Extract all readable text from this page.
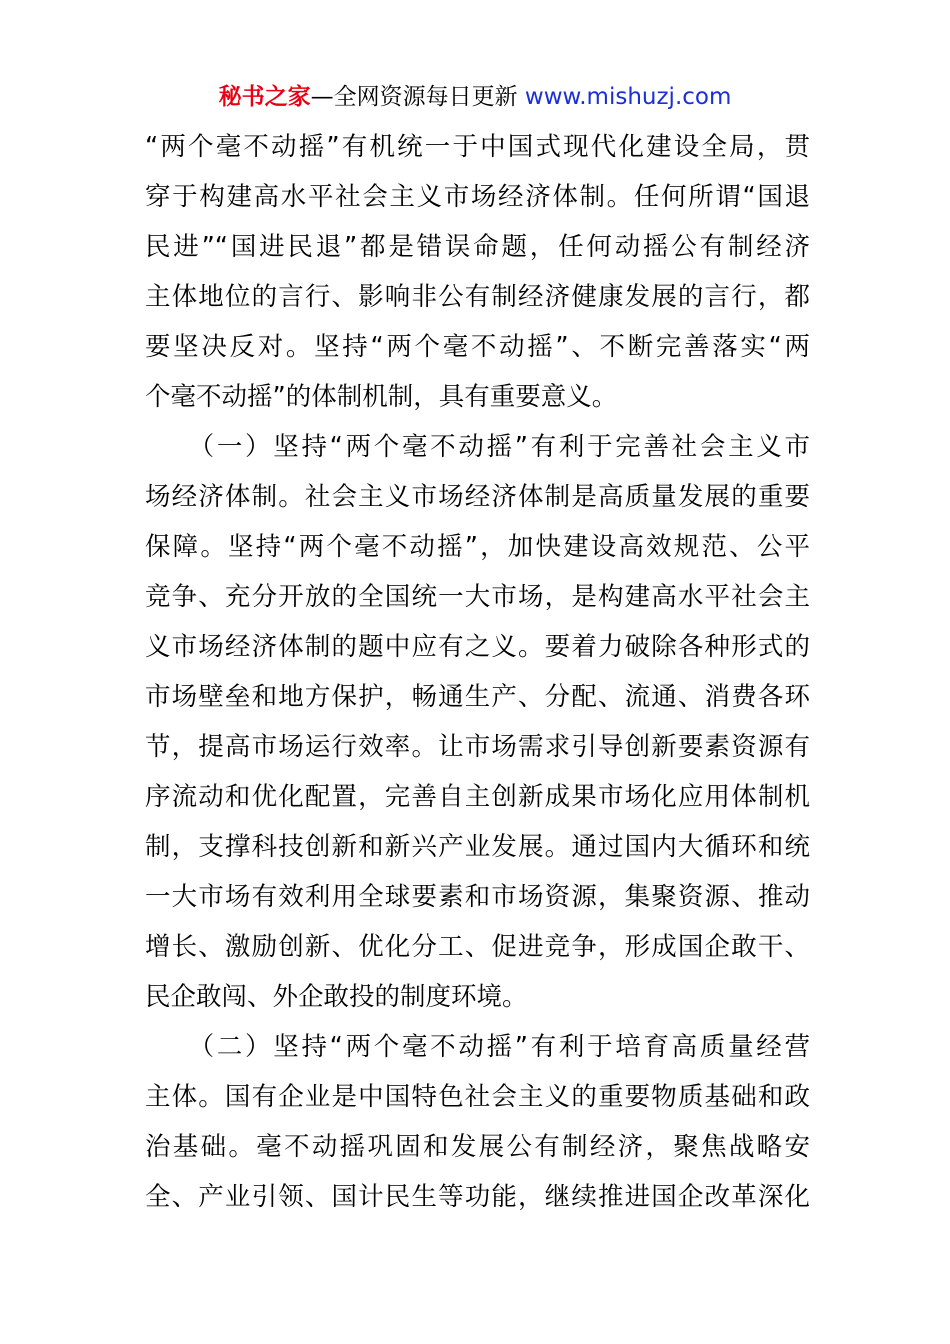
秘书之家—全网资源每日更新 www.mishuzj.com
“两个毫不动摇”有机统一于中国式现代化建设全局，贯
穿于构建高水平社会主义市场经济体制。任何所谓“国退
民进”“国进民退”都是错误命题，任何动摇公有制经济
主体地位的言行、影响非公有制经济健康发展的言行，都
要坚决反对。坚持“两个毫不动摇”、不断完善落实“两
个毫不动摇”的体制机制，具有重要意义。
　　（一）坚持“两个毫不动摇”有利于完善社会主义市
场经济体制。社会主义市场经济体制是高质量发展的重要
保障。坚持“两个毫不动摇”，加快建设高效规范、公平
竞争、充分开放的全国统一大市场，是构建高水平社会主
义市场经济体制的题中应有之义。要着力破除各种形式的
市场壁垒和地方保护，畅通生产、分配、流通、消费各环
节，提高市场运行效率。让市场需求引导创新要素资源有
序流动和优化配置，完善自主创新成果市场化应用体制机
制，支撑科技创新和新兴产业发展。通过国内大循环和统
一大市场有效利用全球要素和市场资源，集聚资源、推动
增长、激励创新、优化分工、促进竞争，形成国企敢干、
民企敢闯、外企敢投的制度环境。
　　（二）坚持“两个毫不动摇”有利于培育高质量经营
主体。国有企业是中国特色社会主义的重要物质基础和政
治基础。毫不动摇巩固和发展公有制经济，聚焦战略安
全、产业引领、国计民生等功能，继续推进国企改革深化
